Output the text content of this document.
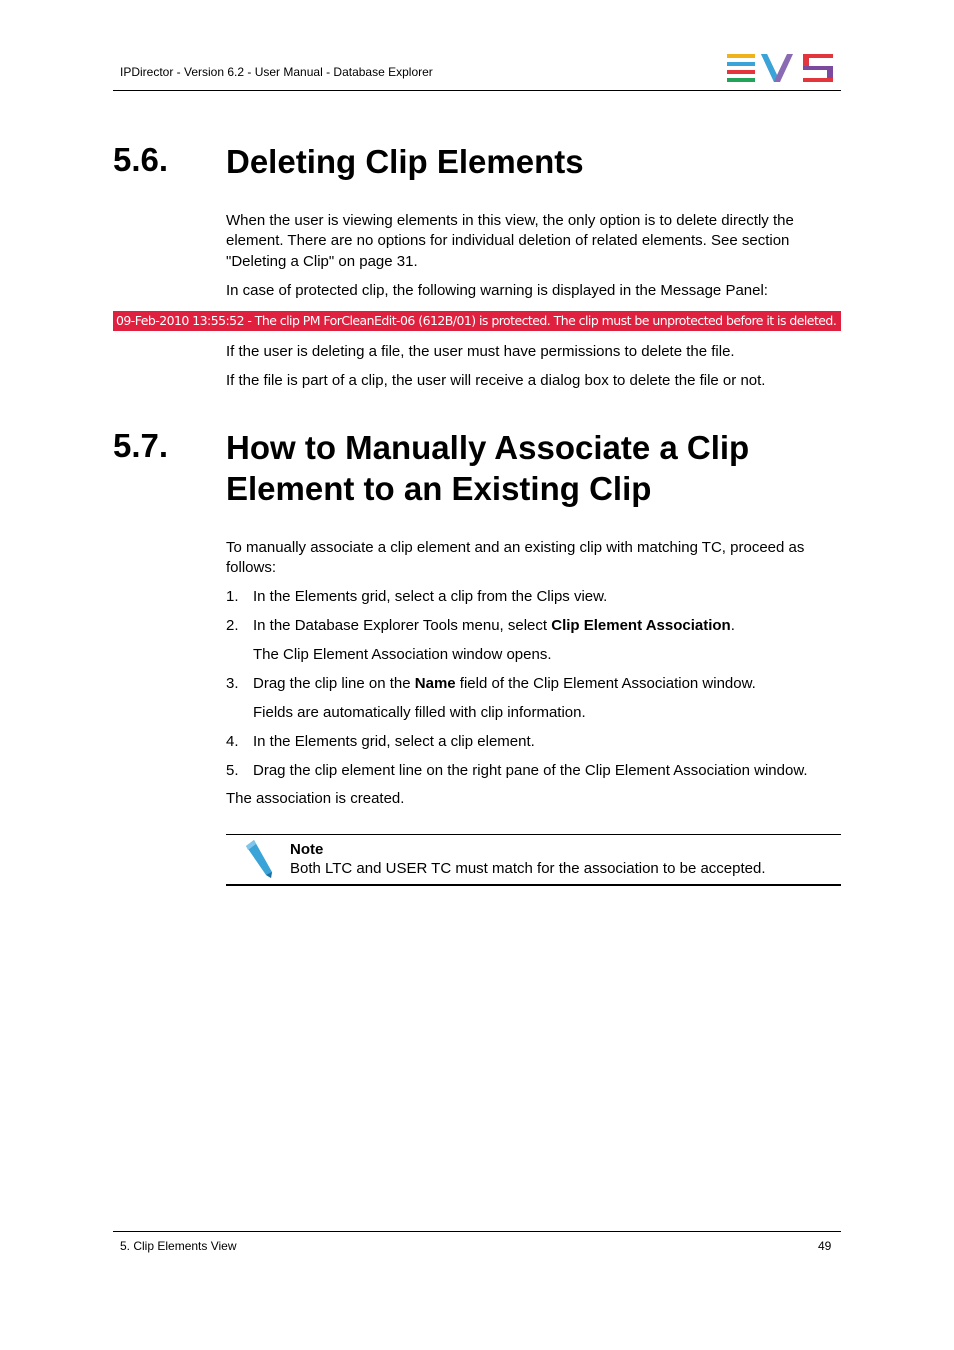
IPDirector - Version 6.2 - User Manual - Database Explorer
5.6. Deleting Clip Elements
When the user is viewing elements in this view, the only option is to delete directly the
element. There are no options for individual deletion of related elements. See section
"Deleting a Clip" on page 31.
In case of protected clip, the following warning is displayed in the Message Panel:
09-Feb-2010 13:55:52 - The clip PM ForCleanEdit-06 (612B/01) is protected. The clip must be unprotected before it is deleted.
If the user is deleting a file, the user must have permissions to delete the file.
If the file is part of a clip, the user will receive a dialog box to delete the file or not.
5.7. How to Manually Associate a Clip
Element to an Existing Clip
To manually associate a clip element and an existing clip with matching TC, proceed as
follows:
1. In the Elements grid, select a clip from the Clips view.
2. In the Database Explorer Tools menu, select Clip Element Association.
The Clip Element Association window opens.
3. Drag the clip line on the Name field of the Clip Element Association window.
Fields are automatically filled with clip information.
4. In the Elements grid, select a clip element.
5. Drag the clip element line on the right pane of the Clip Element Association window.
The association is created.
Note
Both LTC and USER TC must match for the association to be accepted.
5. Clip Elements View	49
